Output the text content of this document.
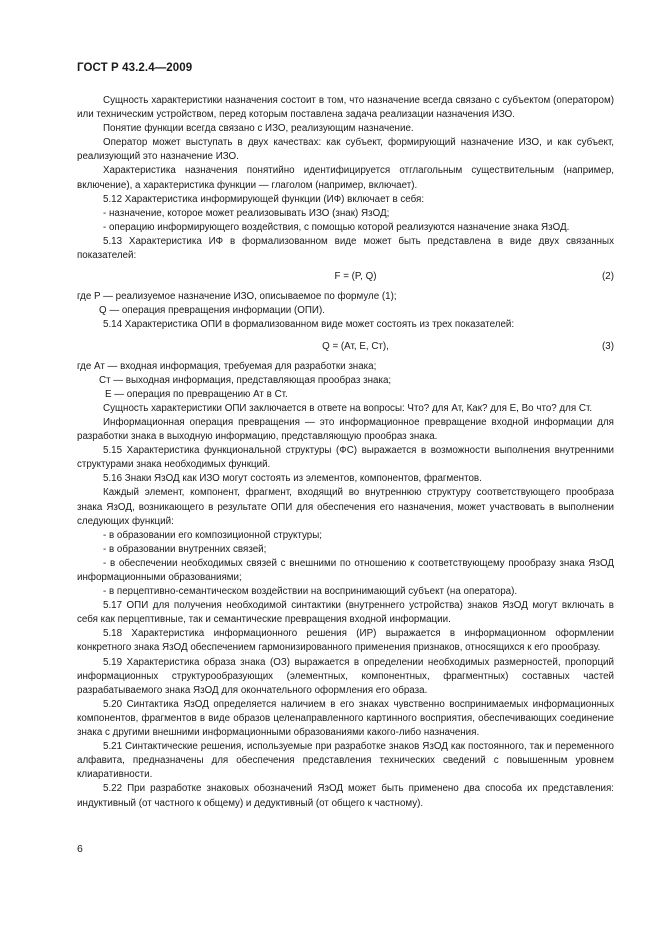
ГОСТ Р 43.2.4—2009

Сущность характеристики назначения состоит в том, что назначение всегда связано с субъектом (оператором) или техническим устройством, перед которым поставлена задача реализации назначения ИЗО.

Понятие функции всегда связано с ИЗО, реализующим назначение.

Оператор может выступать в двух качествах: как субъект, формирующий назначение ИЗО, и как субъект, реализующий это назначение ИЗО.

Характеристика назначения понятийно идентифицируется отглагольным существительным (например, включение), а характеристика функции — глаголом (например, включает).

5.12 Характеристика информирующей функции (ИФ) включает в себя:

- назначение, которое может реализовывать ИЗО (знак) ЯзОД;

- операцию информирующего воздействия, с помощью которой реализуются назначение знака ЯзОД.

5.13 Характеристика ИФ в формализованном виде может быть представлена в виде двух связанных показателей:

F = (P, Q)	(2)

где P — реализуемое назначение ИЗО, описываемое по формуле (1);

Q — операция превращения информации (ОПИ).

5.14 Характеристика ОПИ в формализованном виде может состоять из трех показателей:

Q = (Ат, Е, Ст),	(3)

где Ат — входная информация, требуемая для разработки знака;

Ст — выходная информация, представляющая прообраз знака;

Е — операция по превращению Ат в Ст.

Сущность характеристики ОПИ заключается в ответе на вопросы: Что? для Ат, Как? для Е, Во что? для Ст.

Информационная операция превращения — это информационное превращение входной информации для разработки знака в выходную информацию, представляющую прообраз знака.

5.15 Характеристика функциональной структуры (ФС) выражается в возможности выполнения внутренними структурами знака необходимых функций.

5.16 Знаки ЯзОД как ИЗО могут состоять из элементов, компонентов, фрагментов.

Каждый элемент, компонент, фрагмент, входящий во внутреннюю структуру соответствующего прообраза знака ЯзОД, возникающего в результате ОПИ для обеспечения его назначения, может участвовать в выполнении следующих функций:

- в образовании его композиционной структуры;

- в образовании внутренних связей;

- в обеспечении необходимых связей с внешними по отношению к соответствующему прообразу знака ЯзОД информационными образованиями;

- в перцептивно-семантическом воздействии на воспринимающий субъект (на оператора).

5.17 ОПИ для получения необходимой синтактики (внутреннего устройства) знаков ЯзОД могут включать в себя как перцептивные, так и семантические превращения входной информации.

5.18 Характеристика информационного решения (ИР) выражается в информационном оформлении конкретного знака ЯзОД обеспечением гармонизированного применения признаков, относящихся к его прообразу.

5.19 Характеристика образа знака (ОЗ) выражается в определении необходимых размерностей, пропорций информационных структурообразующих (элементных, компонентных, фрагментных) составных частей разрабатываемого знака ЯзОД для окончательного оформления его образа.

5.20 Синтактика ЯзОД определяется наличием в его знаках чувственно воспринимаемых информационных компонентов, фрагментов в виде образов целенаправленного картинного восприятия, обеспечивающих соединение знака с другими внешними информационными образованиями какого-либо назначения.

5.21 Синтактические решения, используемые при разработке знаков ЯзОД как постоянного, так и переменного алфавита, предназначены для обеспечения представления технических сведений с повышенным уровнем клиаративности.

5.22 При разработке знаковых обозначений ЯзОД может быть применено два способа их представления: индуктивный (от частного к общему) и дедуктивный (от общего к частному).

6
